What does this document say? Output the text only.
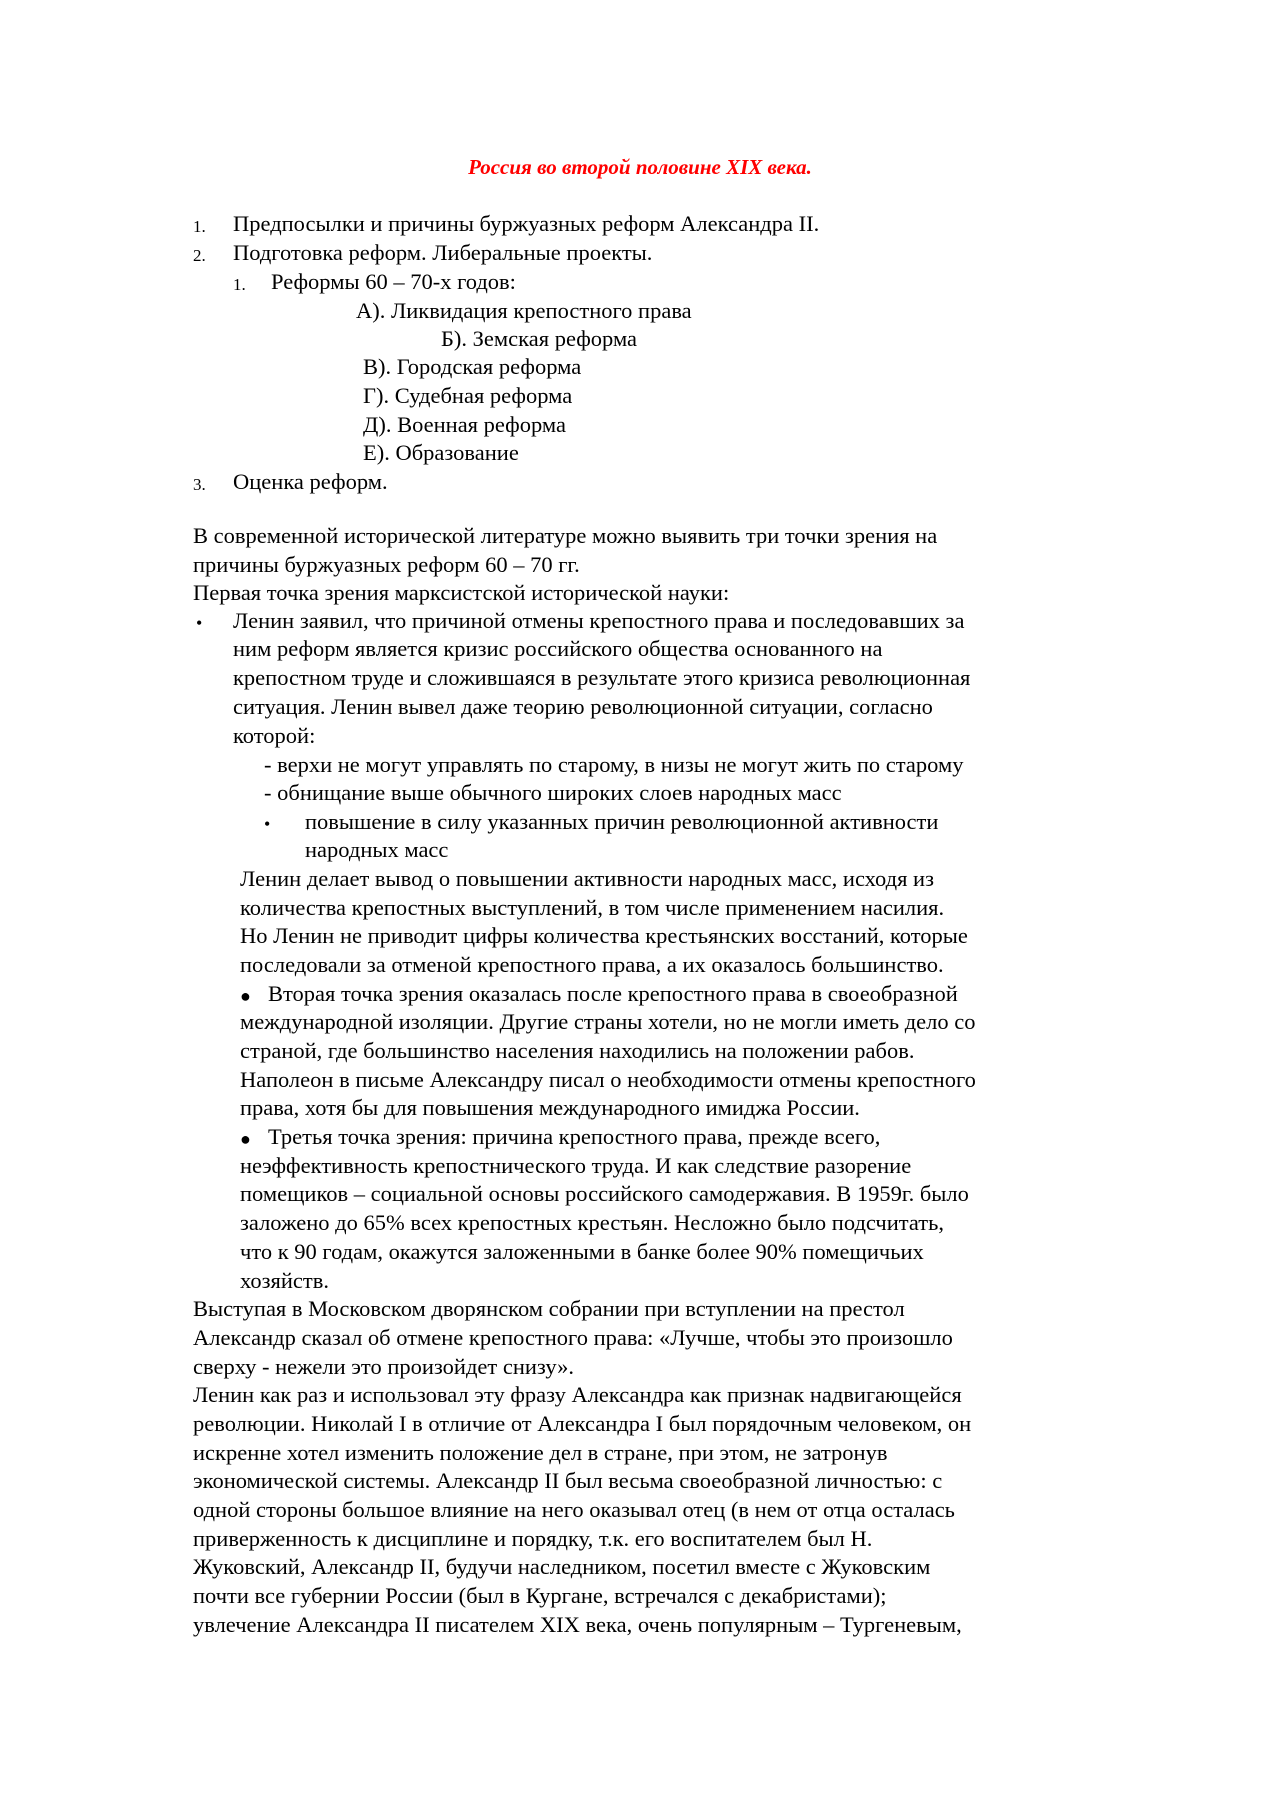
Россия во второй половине XIX века.
1. Предпосылки и причины буржуазных реформ Александра II.
2. Подготовка реформ. Либеральные проекты.
1. Реформы 60 – 70-х годов:
А). Ликвидация крепостного права
Б). Земская реформа
В). Городская реформа
Г). Судебная реформа
Д). Военная реформа
Е). Образование
3. Оценка реформ.
В современной исторической литературе можно выявить три точки зрения на
причины буржуазных реформ 60 – 70 гг.
Первая точка зрения марксистской исторической науки:
• Ленин заявил, что причиной отмены крепостного права и последовавших за
ним реформ является кризис российского общества основанного на
крепостном труде и сложившаяся в результате этого кризиса революционная
ситуация. Ленин вывел даже теорию революционной ситуации, согласно
которой:
- верхи не могут управлять по старому, в низы не могут жить по старому
- обнищание выше обычного широких слоев народных масс
• повышение в силу указанных причин революционной активности
народных масс
Ленин делает вывод о повышении активности народных масс, исходя из
количества крепостных выступлений, в том числе применением насилия.
Но Ленин не приводит цифры количества крестьянских восстаний, которые
последовали за отменой крепостного права, а их оказалось большинство.
● Вторая точка зрения оказалась после крепостного права в своеобразной
международной изоляции. Другие страны хотели, но не могли иметь дело со
страной, где большинство населения находились на положении рабов.
Наполеон в письме Александру писал о необходимости отмены крепостного
права, хотя бы для повышения международного имиджа России.
● Третья точка зрения: причина крепостного права, прежде всего,
неэффективность крепостнического труда. И как следствие разорение
помещиков – социальной основы российского самодержавия. В 1959г. было
заложено до 65% всех крепостных крестьян. Несложно было подсчитать,
что к 90 годам, окажутся заложенными в банке более 90% помещичьих
хозяйств.
Выступая в Московском дворянском собрании при вступлении на престол
Александр сказал об отмене крепостного права: «Лучше, чтобы это произошло
сверху - нежели это произойдет снизу».
Ленин как раз и использовал эту фразу Александра как признак надвигающейся
революции. Николай I в отличие от Александра I был порядочным человеком, он
искренне хотел изменить положение дел в стране, при этом, не затронув
экономической системы. Александр II был весьма своеобразной личностью: с
одной стороны большое влияние на него оказывал отец (в нем от отца осталась
приверженность к дисциплине и порядку, т.к. его воспитателем был Н.
Жуковский, Александр II, будучи наследником, посетил вместе с Жуковским
почти все губернии России (был в Кургане, встречался с декабристами);
увлечение Александра II писателем XIX века, очень популярным – Тургеневым,
